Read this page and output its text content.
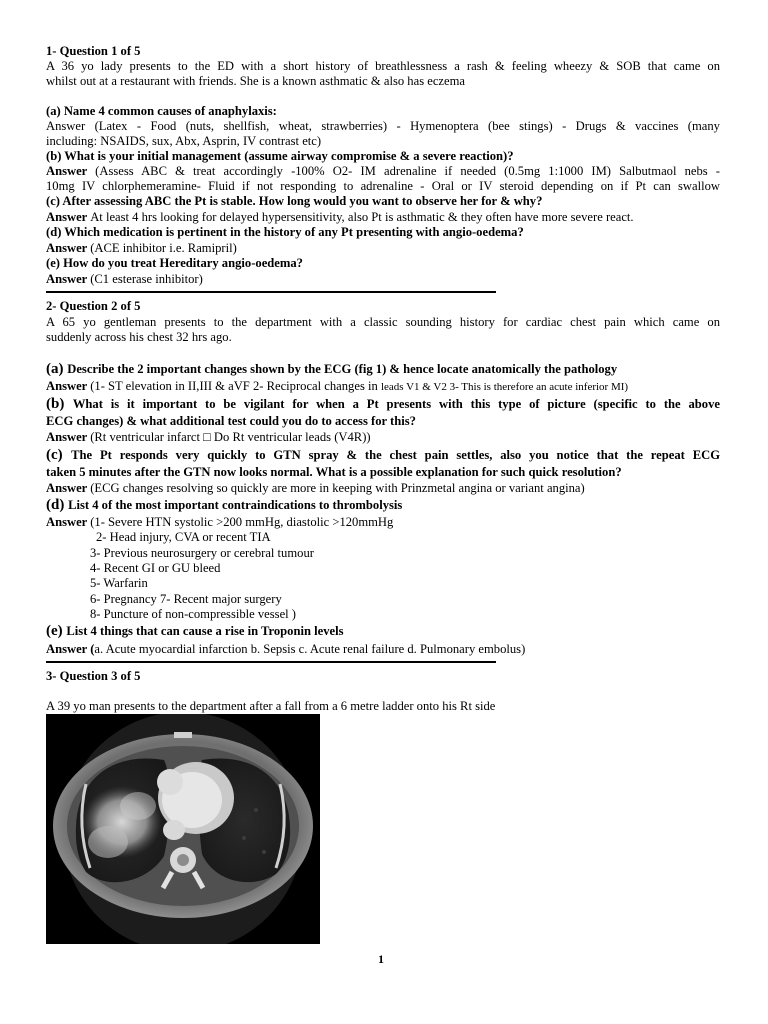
1- Question 1 of 5
A 36 yo lady presents to the ED with a short history of breathlessness a rash & feeling wheezy & SOB that came on
whilst out at a restaurant with friends. She is a known asthmatic & also has eczema
(a) Name 4 common causes of anaphylaxis:
Answer (Latex - Food (nuts, shellfish, wheat, strawberries) - Hymenoptera (bee stings) - Drugs & vaccines (many
including: NSAIDS, sux, Abx, Asprin, IV contrast etc)
(b) What is your initial management (assume airway compromise & a severe reaction)?
Answer (Assess ABC & treat accordingly -100% O2- IM adrenaline if needed (0.5mg 1:1000 IM) Salbutmaol nebs -
10mg IV chlorphemeramine- Fluid if not responding to adrenaline - Oral or IV steroid depending on if Pt can swallow
(c) After assessing ABC the Pt is stable. How long would you want to observe her for & why?
Answer At least 4 hrs looking for delayed hypersensitivity, also Pt is asthmatic & they often have more severe react.
(d) Which medication is pertinent in the history of any Pt presenting with angio-oedema?
Answer (ACE inhibitor i.e. Ramipril)
(e) How do you treat Hereditary angio-oedema?
Answer (C1 esterase inhibitor)
2- Question 2 of 5
A 65 yo gentleman presents to the department with a classic sounding history for cardiac chest pain which came on
suddenly across his chest 32 hrs ago.
(a) Describe the 2 important changes shown by the ECG (fig 1) & hence locate anatomically the pathology
Answer (1- ST elevation in II,III & aVF 2- Reciprocal changes in leads V1 & V2 3- This is therefore an acute inferior MI)
(b) What is it important to be vigilant for when a Pt presents with this type of picture (specific to the above
ECG changes) & what additional test could you do to access for this?
Answer (Rt ventricular infarct □ Do Rt ventricular leads (V4R))
(c) The Pt responds very quickly to GTN spray & the chest pain settles, also you notice that the repeat ECG
taken 5 minutes after the GTN now looks normal. What is a possible explanation for such quick resolution?
Answer (ECG changes resolving so quickly are more in keeping with Prinzmetal angina or variant angina)
(d) List 4 of the most important contraindications to thrombolysis
Answer (1- Severe HTN systolic >200 mmHg, diastolic >120mmHg
2- Head injury, CVA or recent TIA
3- Previous neurosurgery or cerebral tumour
4- Recent GI or GU bleed
5- Warfarin
6- Pregnancy 7- Recent major surgery
8- Puncture of non-compressible vessel )
(e) List 4 things that can cause a rise in Troponin levels
Answer (a. Acute myocardial infarction b. Sepsis c. Acute renal failure d. Pulmonary embolus)
3- Question 3 of 5
A 39 yo man presents to the department after a fall from a 6 metre ladder onto his Rt side
1
